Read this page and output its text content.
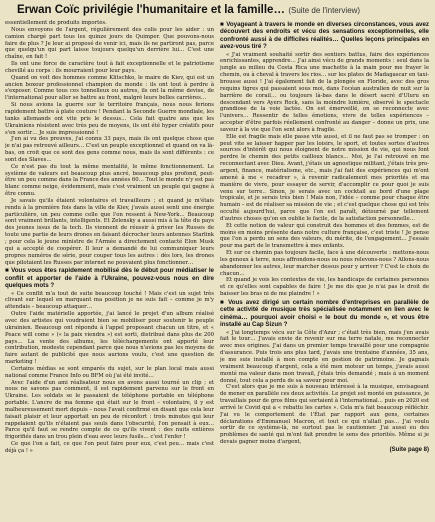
Erwan Coïc privilégie l'humanitaire et la famille… (Suite de l'interview)

essentiellement de produits importés.

Nous envoyons de l'argent, régulièrement des colis pour les aider : un camion chargé part tous les quinze jours de Quimper. Que pouvons-nous faire de plus ? Je leur ai proposé de venir ici, mais ils ne partiront pas, parce que quelqu'un qui part laisse toujours quelqu'un derrière lui… C'est une chaîne, en fait !

Ils ont une force de caractère tout à fait exceptionnelle et le patriotisme chevillé au corps : ils mourraient pour leur pays.

Quand on voit des hommes comme Klitschko, le maire de Kiev, qui est un ancien boxeur professionnel champion du monde : ils ont tout à perdre à s'exposer. Comme tous ces tonnelleux ou autres, ils ont la même devise, de l'international pour aller se battre au front, malgré leurs belles carrières…

Si nous avions la guerre sur le territoire français, nous nous ferions rapidement battre à plate couture ! Pendant la Seconde Guerre mondiale, les tanks allemands ont vite pris le dessus… Cela fait quatre ans que les Ukrainiens résistent avec très peu de moyens, ils ont été hyper créatifs pour s'en sortir… Je suis impressionné !

J'en ai vu des preuves, j'ai connu 33 pays, mais ils ont quelque chose que je n'ai pas retrouvé ailleurs… C'est un peuple exceptionnel et quand on va là-bas, on croit que ce sont des gens comme nous, mais ils sont différents : ce sont des Slaves…

Ce n'est pas du tout la même mentalité, le même fonctionnement. Le système de valeurs est beaucoup plus ancré, beaucoup plus profond, peut-être un peu comme dans la France des années 60… Tout le monde n'y est pas blanc comme neige, évidemment, mais c'est vraiment un peuple qui gagne à être connu.

Je savais qu'ils étaient volontaires et travailleurs ; et quand je m'étais rendu à la première fois dans la ville de Kiev, j'avais aussi senti une énergie particulière, un peu comme celle que l'on ressent à New-York… Beaucoup sont vraiment brillants, intelligents. Et Zelensky a aussi mis à la tête du pays des jeunes issus de la tech. Ils viennent de réussir à priver les Russes de toute une partie de leurs drones en faisant décrocher leurs antennes Starlink ; pour cela le jeune ministre de l'Armée a directement contacté Elon Musk qui a accepté de coopérer. Il leur a demandé de lui communiquer leurs propres numéros de série, pour couper tous les autres : dès lors, les drones que pilotaient les Russes par internet ne pouvaient plus fonctionner…

■ Vous vous êtes rapidement mobilisé dès le début pour médiatiser le conflit et apporter de l'aide à l'Ukraine, pouvez-vous nous en dire quelques mots ?

« Ce conflit m'a tout de suite beaucoup touché ! Mais c'est un sujet très clivant sur lequel en marquant ma position je ne suis fait – comme je m'y attendais – beaucoup attaquer…

Outre l'aide matérielle apportée, j'ai lancé le projet d'un album réalisé avec des artistes qui voudraient bien se mobiliser pour soutenir le peuple ukrainien. Beaucoup ont répondu à l'appel proposant chacun un titre, et « Peace will come » (« la paix viendra ») est sorti, distribué dans plus de 200 pays… La vente des albums, les téléchargements ont apporté leur contribution, modeste cependant parce que nous n'avions pas les moyens de faire autant de publicité que nous aurions voulu, c'est une question de marketing !

Certains médias se sont emparés du sujet, sur le plan local mais aussi national comme France Info ou BFM où j'ai été invité…

Avec l'aide d'un ami réalisateur nous en avons aussi tourné un clip ; et nous ne savons pas comment, il est rapidement parvenu sur le front en Ukraine. Les soldats se le passaient de téléphone portable en téléphone portable. L'ancre de ma femme qui était sur le front – volontaire, il y est malheureusement mort depuis – nous l'avait confirmé en disant que cela leur faisait plaisir et leur apportait un peu de réconfort : trois minutes qui leur rappelaient qu'ils n'étaient pas seuls dans l'obscurité, l'on pensait à eux… Parce qu'il faut se rendre compte de ce qu'ils vivent : des nuits entières frigorifiés dans un trou plein d'eau avec leurs fusils… c'est l'enfer !

Ce que l'on a fait, ce que l'on peut faire pour eux, c'est peu… mais c'est déjà ça ! »

■ Voyageant à travers le monde en diverses circonstances, vous avez découvert des endroits et vécu des sensations exceptionnelles, elle confronté aussi à de difficiles réalités… Quelles leçons principales en avez-vous tiré ?

« J'ai vraiment souhaité sortir des sentiers battus, faire des expériences enrichissantes, apprendre… J'ai ainsi vécu de grands moments : seul dans la jungle au milieu du Costa Rica une machette à la main pour me frayer le chemin, ou à cheval à travers les rios… sur les plates de Madagascar en taxi-brousse aussi ! J'ai également fait de la plongée en Floride, avec des gros requins tigres qui passaient sous moi, dans l'océan australien de nuit sur la barrière de corail… ou toujours là-bas dans le désert sacré d'Uluru en descendant vers Ayers Rock, sans la moindre lumière, observé le spectacle grandiose de la voie lactée. On est émerveillé, on se reconnecte avec l'univers… Ressentir de telles émotions, vivre de telles expériences – accepter d'être parfois réellement confronté au danger – donne un prix, une saveur à la vie que l'on sent alors à fragile.

Elle est fragile mais elle passe vite aussi, et il ne faut pas se tromper : on peut vite se laisser happer par les loisirs, le sport, et toutes sortes d'autres sources d'intérêt qui nous éloignent de notre mission de vie, qui nous font perdre le chemin des petits cailloux blancs… Moi, je l'ai retrouvé en me reconnectant avec Dieu. Avant, j'étais un agnostique militant, j'étais très pro-argent, finance, matérialisme, etc., mais j'ai fait des expériences qui m'ont amené à me « recadrer », à revenir radicalement mes priorités et ma manière de vivre, pour essayer de servir, d'accomplir ce pour quoi je suis venu sur terre.. Sinon, je serais avec un cocktail au bord d'une plage tropicale, et je serais très bien ! Mais non, l'idée – comme pour chaque être humain – est de réaliser sa mission de vie ; et c'est quelque chose qui est très occulté aujourd'hui, parce que l'on est paraît, détourné par tellement d'autres choses qu'on en oublie le facile, de la satisfaction personnelle…

Et cette notion de valeur qui construit des hommes et des femmes, est de moins en moins présente dans notre culture française, c'est triste ! Je pense que l'on a perdu un sens des valeurs, du mérite, de l'engagement… J'essaie pour ma part de le transmettre à mes enfants.

Et sur ce chemin pas toujours facile, face à une découverte : mettons-nous les genoux à terre, nous affrondons-nous ou nous relevons-nous ? Allons-nous abandonner les autres, leur marcher dessus pour y arriver ? C'est le choix de chacun…

Et quand je vois les contextes de vie, les handicaps de certaines personnes et ce qu'elles sont capables de faire ! Je me dis que je n'ai pas le droit de baisser les bras ni de me plaindre ! »

■ Vous avez dirigé un certain nombre d'entreprises en parallèle de cette activité de musique très spécialisée notamment en lien avec le cinéma… pourquoi avoir choisi « le bout du monde », et vous être installé au Cap Sizun ?

« J'ai longtemps vécu sur la Côte d'Azur ; c'était très bien, mais j'en avais fait le tour… J'avais envie de revenir sur ma terre natale, me reconnecter avec mes origines. J'ai dans un premier temps travaillé pour une compagnie d'assurance. Puis trois ans plus tard, j'avais une trentaine d'années, 35 ans, je me suis installé à mon compte en gestion de patrimoine. Je gagnais vraiment beaucoup d'argent, cela a été mon moteur un temps, j'avais aussi monté ma valeur dans mon travail, j'étais très demandé ; mais à un moment donné, tout cela a perdu de sa saveur pour moi.

C'est alors que je me suis à nouveau intéressé à la musique, envisageant de mener en parallèle ces deux activités. Le projet est monté en puissance, je travaillais pour de gros films qui sortaient à l'international… puis en 2020 est arrivé le Covid qui a « rebattu les cartes ». Cela m'a fait beaucoup réfléchir. J'ai vu le comportement de l'État par rapport aux gens, certaines déclarations d'Emmanuel Macron, et tout ce qui n'allait pas… J'ai voulu sortir de ce système-là, ne surtout pas le cautionner. J'ai aussi eu des problèmes de santé qui m'ont fait prendre le sens des priorités. Même si je devais gagner moins d'argent,

(Suite page 8)
